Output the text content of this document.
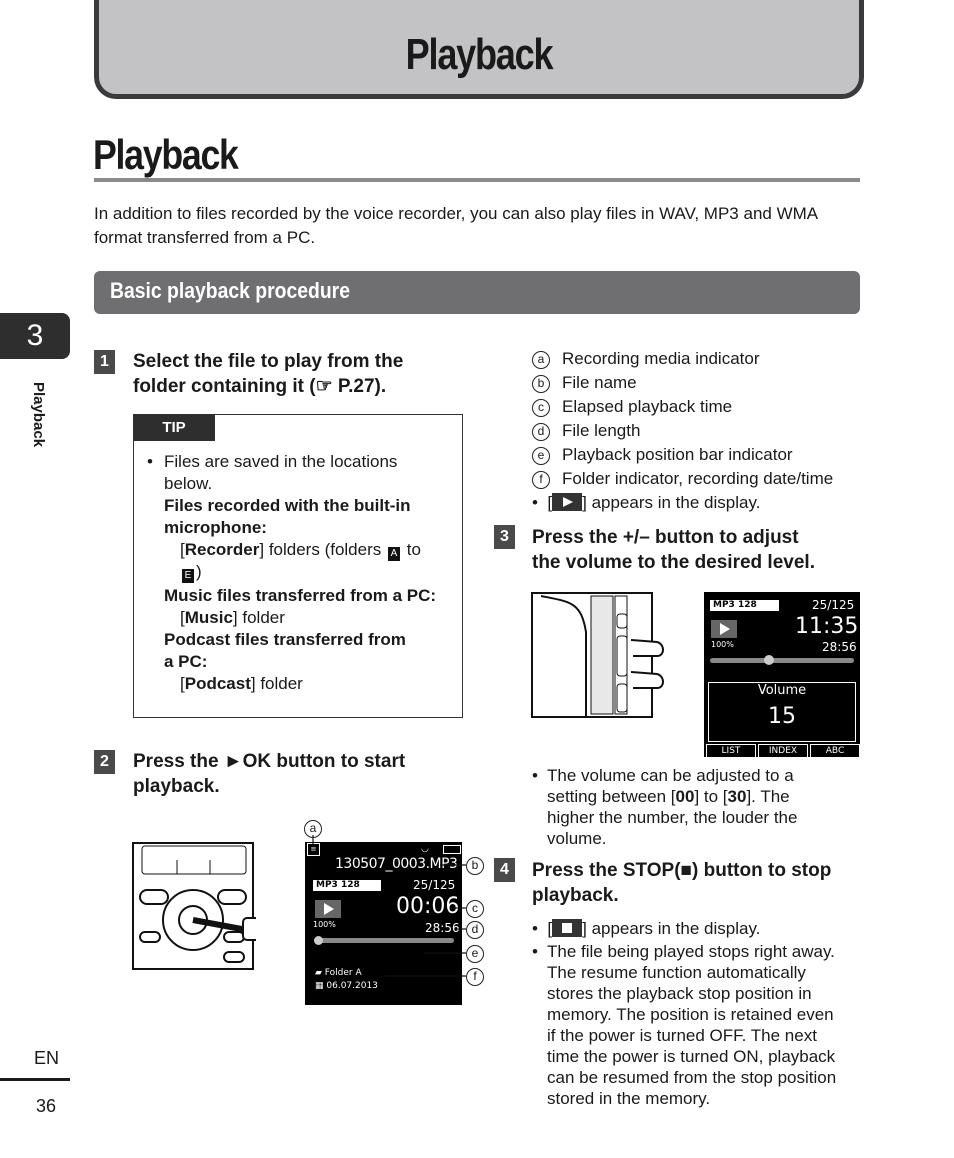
Playback
Playback
In addition to files recorded by the voice recorder, you can also play files in WAV, MP3 and WMA format transferred from a PC.
Basic playback procedure
3
Playback
EN
36
1	Select the file to play from the
folder containing it (☞ P.27).
TIP
• Files are saved in the locations
below.
Files recorded with the built-in
microphone:
[Recorder] folders (folders A to
E )
Music files transferred from a PC:
[Music] folder
Podcast files transferred from
a PC:
[Podcast] folder
2	Press the ►OK button to start
playback.
≡	◡
130507_0003.MP3
MP3 128	25/125
100%
00:06
28:56
▰ Folder A
▦ 06.07.2013
a
b
c
d
e
f
a Recording media indicator
b File name
c Elapsed playback time
d File length
e Playback position bar indicator
f Folder indicator, recording date/time
•  [ ] appears in the display.
3	Press the +/– button to adjust
the volume to the desired level.
MP3 128	25/125
100%
11:35
28:56
Volume
15
LIST	INDEX	ABC
• The volume can be adjusted to a
setting between [00] to [30]. The
higher the number, the louder the
volume.
4	Press the STOP(■) button to stop
playback.
•  [ ] appears in the display.
• The file being played stops right away.
The resume function automatically
stores the playback stop position in
memory. The position is retained even
if the power is turned OFF. The next
time the power is turned ON, playback
can be resumed from the stop position
stored in the memory.
